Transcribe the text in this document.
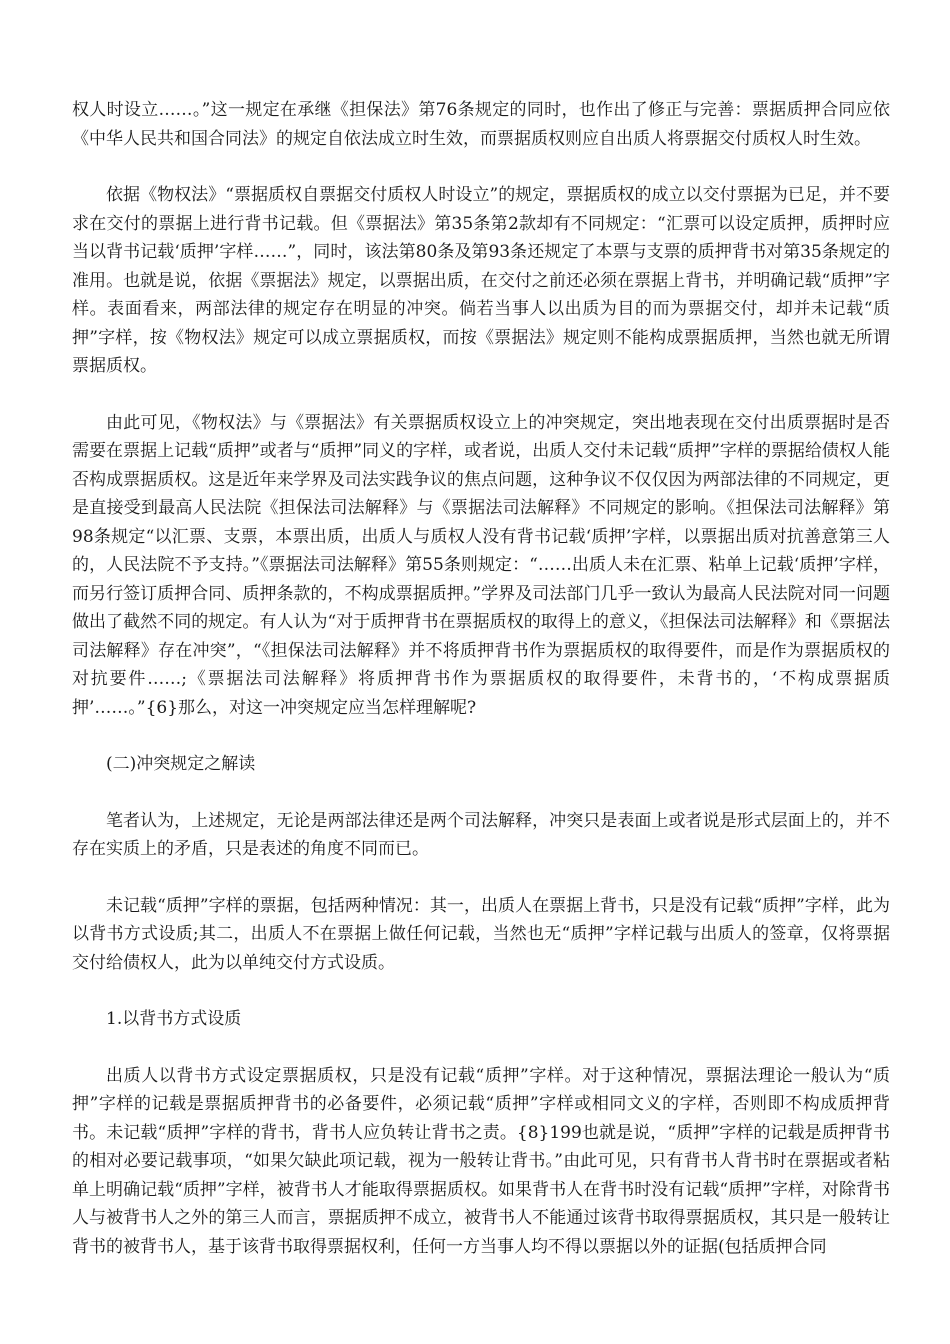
权人时设立……。”这一规定在承继《担保法》第76条规定的同时，也作出了修正与完善：票据质押合同应依《中华人民共和国合同法》的规定自依法成立时生效，而票据质权则应自出质人将票据交付质权人时生效。

依据《物权法》“票据质权自票据交付质权人时设立”的规定，票据质权的成立以交付票据为已足，并不要求在交付的票据上进行背书记载。但《票据法》第35条第2款却有不同规定：“汇票可以设定质押，质押时应当以背书记载‘质押’字样……”，同时，该法第80条及第93条还规定了本票与支票的质押背书对第35条规定的准用。也就是说，依据《票据法》规定，以票据出质，在交付之前还必须在票据上背书，并明确记载“质押”字样。表面看来，两部法律的规定存在明显的冲突。倘若当事人以出质为目的而为票据交付，却并未记载“质押”字样，按《物权法》规定可以成立票据质权，而按《票据法》规定则不能构成票据质押，当然也就无所谓票据质权。

由此可见，《物权法》与《票据法》有关票据质权设立上的冲突规定，突出地表现在交付出质票据时是否需要在票据上记载“质押”或者与“质押”同义的字样，或者说，出质人交付未记载“质押”字样的票据给债权人能否构成票据质权。这是近年来学界及司法实践争议的焦点问题，这种争议不仅仅因为两部法律的不同规定，更是直接受到最高人民法院《担保法司法解释》与《票据法司法解释》不同规定的影响。《担保法司法解释》第98条规定“以汇票、支票，本票出质，出质人与质权人没有背书记载‘质押’字样，以票据出质对抗善意第三人的，人民法院不予支持。”《票据法司法解释》第55条则规定：“……出质人未在汇票、粘单上记载‘质押’字样，而另行签订质押合同、质押条款的，不构成票据质押。”学界及司法部门几乎一致认为最高人民法院对同一问题做出了截然不同的规定。有人认为“对于质押背书在票据质权的取得上的意义，《担保法司法解释》和《票据法司法解释》存在冲突”，“《担保法司法解释》并不将质押背书作为票据质权的取得要件，而是作为票据质权的对抗要件……;《票据法司法解释》将质押背书作为票据质权的取得要件，未背书的，‘不构成票据质押’……。”{6}那么，对这一冲突规定应当怎样理解呢?

(二)冲突规定之解读

笔者认为，上述规定，无论是两部法律还是两个司法解释，冲突只是表面上或者说是形式层面上的，并不存在实质上的矛盾，只是表述的角度不同而已。

未记载“质押”字样的票据，包括两种情况：其一，出质人在票据上背书，只是没有记载“质押”字样，此为以背书方式设质;其二，出质人不在票据上做任何记载，当然也无“质押”字样记载与出质人的签章，仅将票据交付给债权人，此为以单纯交付方式设质。

1.以背书方式设质

出质人以背书方式设定票据质权，只是没有记载“质押”字样。对于这种情况，票据法理论一般认为“质押”字样的记载是票据质押背书的必备要件，必须记载“质押”字样或相同文义的字样，否则即不构成质押背书。未记载“质押”字样的背书，背书人应负转让背书之责。{8}199也就是说，“质押”字样的记载是质押背书的相对必要记载事项，“如果欠缺此项记载，视为一般转让背书。”由此可见，只有背书人背书时在票据或者粘单上明确记载“质押”字样，被背书人才能取得票据质权。如果背书人在背书时没有记载“质押”字样，对除背书人与被背书人之外的第三人而言，票据质押不成立，被背书人不能通过该背书取得票据质权，其只是一般转让背书的被背书人，基于该背书取得票据权利，任何一方当事人均不得以票据以外的证据(包括质押合同
